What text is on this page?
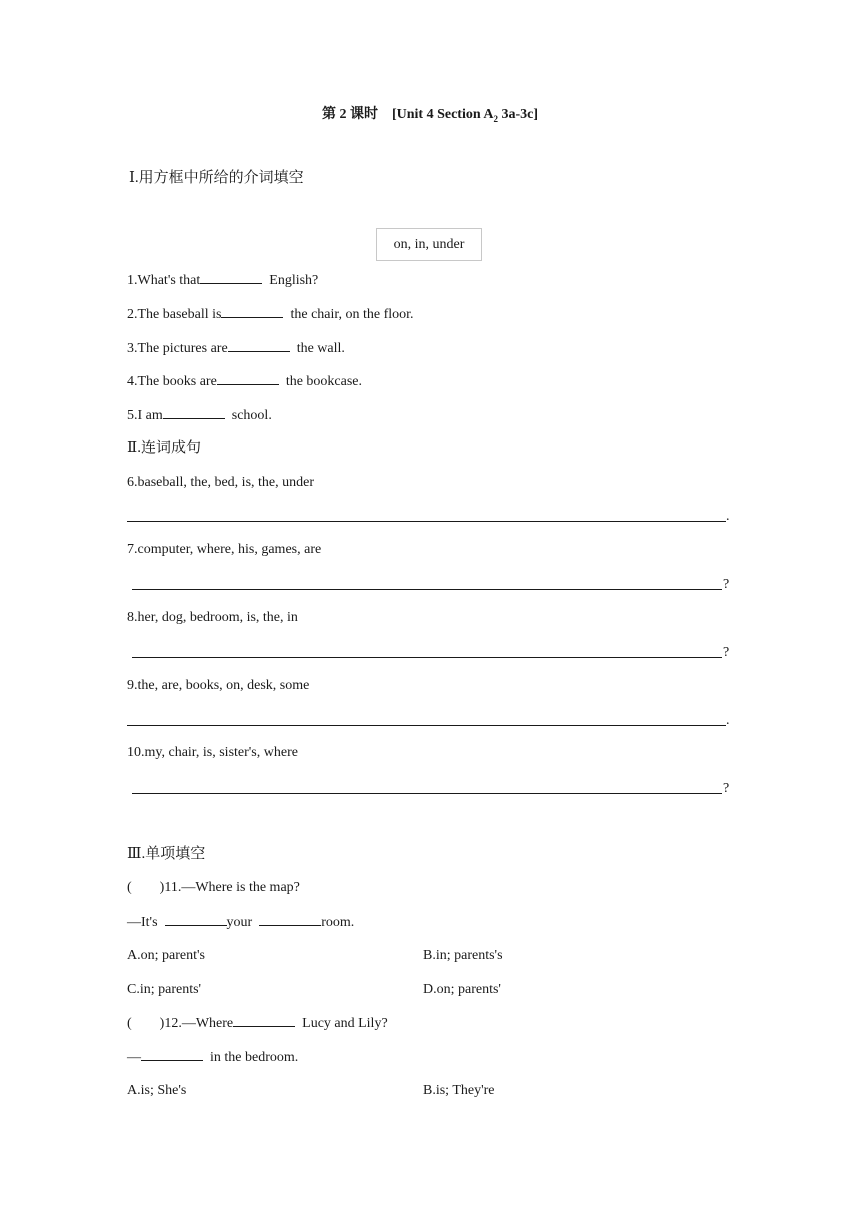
第 2 课时 [Unit 4 Section $A_2$ 3a-3c]
Ⅰ.用方框中所给的介词填空
on, in, under
1.What's that	English?
2.The baseball is	the chair, on the floor.
3.The pictures are	the wall.
4.The books are	the bookcase.
5.I am	school.
Ⅱ.连词成句
6.baseball, the, bed, is, the, under
.
7.computer, where, his, games, are
?
8.her, dog, bedroom, is, the, in
?
9.the, are, books, on, desk, some
.
10.my, chair, is, sister's, where
?
Ⅲ.单项填空
( )11.—Where is the map?
—It's	your	room.
A.on; parent's	B.in; parents's
C.in; parents'	D.on; parents'
( )12.—Where	Lucy and Lily?
—	in the bedroom.
A.is; She's	B.is; They're
